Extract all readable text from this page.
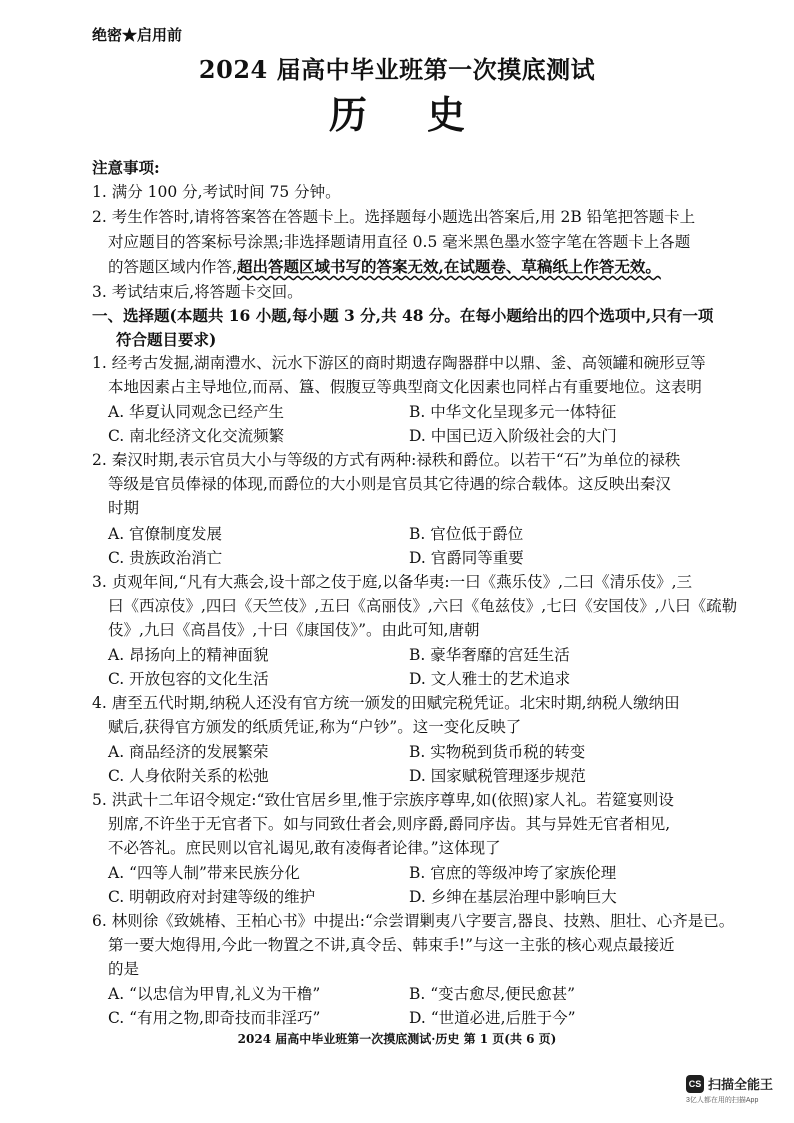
绝密★启用前
2024 届高中毕业班第一次摸底测试
历史
注意事项:
1. 满分 100 分,考试时间 75 分钟。
2. 考生作答时,请将答案答在答题卡上。选择题每小题选出答案后,用 2B 铅笔把答题卡上
对应题目的答案标号涂黑;非选择题请用直径 0.5 毫米黑色墨水签字笔在答题卡上各题
的答题区域内作答,超出答题区域书写的答案无效,在试题卷、草稿纸上作答无效。
3. 考试结束后,将答题卡交回。
一、选择题(本题共 16 小题,每小题 3 分,共 48 分。在每小题给出的四个选项中,只有一项
符合题目要求)
1. 经考古发掘,湖南澧水、沅水下游区的商时期遗存陶器群中以鼎、釜、高领罐和碗形豆等
本地因素占主导地位,而鬲、簋、假腹豆等典型商文化因素也同样占有重要地位。这表明
A. 华夏认同观念已经产生	B. 中华文化呈现多元一体特征
C. 南北经济文化交流频繁	D. 中国已迈入阶级社会的大门
2. 秦汉时期,表示官员大小与等级的方式有两种:禄秩和爵位。以若干“石”为单位的禄秩
等级是官员俸禄的体现,而爵位的大小则是官员其它待遇的综合载体。这反映出秦汉
时期
A. 官僚制度发展	B. 官位低于爵位
C. 贵族政治消亡	D. 官爵同等重要
3. 贞观年间,“凡有大燕会,设十部之伎于庭,以备华夷:一曰《燕乐伎》,二曰《清乐伎》,三
曰《西凉伎》,四曰《天竺伎》,五曰《高丽伎》,六曰《龟兹伎》,七曰《安国伎》,八曰《疏勒
伎》,九曰《高昌伎》,十曰《康国伎》”。由此可知,唐朝
A. 昂扬向上的精神面貌	B. 豪华奢靡的宫廷生活
C. 开放包容的文化生活	D. 文人雅士的艺术追求
4. 唐至五代时期,纳税人还没有官方统一颁发的田赋完税凭证。北宋时期,纳税人缴纳田
赋后,获得官方颁发的纸质凭证,称为“户钞”。这一变化反映了
A. 商品经济的发展繁荣	B. 实物税到货币税的转变
C. 人身依附关系的松弛	D. 国家赋税管理逐步规范
5. 洪武十二年诏令规定:“致仕官居乡里,惟于宗族序尊卑,如(依照)家人礼。若筵宴则设
别席,不许坐于无官者下。如与同致仕者会,则序爵,爵同序齿。其与异姓无官者相见,
不必答礼。庶民则以官礼谒见,敢有凌侮者论律。”这体现了
A. “四等人制”带来民族分化	B. 官庶的等级冲垮了家族伦理
C. 明朝政府对封建等级的维护	D. 乡绅在基层治理中影响巨大
6. 林则徐《致姚椿、王柏心书》中提出:“佘尝谓剿夷八字要言,器良、技熟、胆壮、心齐是已。
第一要大炮得用,今此一物置之不讲,真令岳、韩束手!”与这一主张的核心观点最接近
的是
A. “以忠信为甲胄,礼义为干橹”	B. “变古愈尽,便民愈甚”
C. “有用之物,即奇技而非淫巧”	D. “世道必进,后胜于今”
2024 届高中毕业班第一次摸底测试·历史 第 1 页(共 6 页)
CS 扫描全能王
3亿人都在用的扫描App
